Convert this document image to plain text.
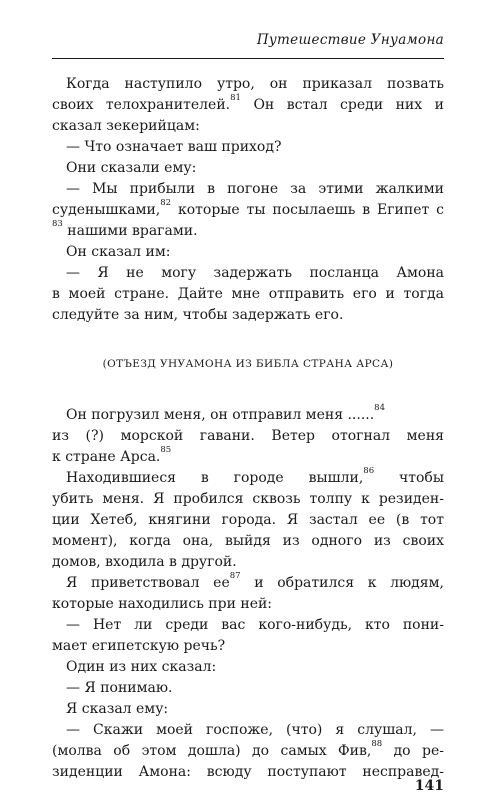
Путешествие Унуамона
Когда наступило утро, он приказал позвать
своих телохранителей.$^{81}$ Он встал среди них и
сказал зекерийцам:
— Что означает ваш приход?
Они сказали ему:
— Мы прибыли в погоне за этими жалкими
суденышками,$^{82}$ которые ты посылаешь в Египет с
$^{83}$ нашими врагами.
Он сказал им:
— Я не могу задержать посланца Амона
в моей стране. Дайте мне отправить его и тогда
следуйте за ним, чтобы задержать его.

(ОТЪЕЗД УНУАМОНА ИЗ БИБЛА СТРАНА АРСА)

Он погрузил меня, он отправил меня ......$^{84}$
из (?) морской гавани. Ветер отогнал меня
к стране Арса.$^{85}$
Находившиеся в городе вышли,$^{86}$ чтобы
убить меня. Я пробился сквозь толпу к резиден-
ции Хетеб, княгини города. Я застал ее (в тот
момент), когда она, выйдя из одного из своих
домов, входила в другой.
Я приветствовал $ее^{87}$ и обратился к людям,
которые находились при ней:
— Нет ли среди вас кого-нибудь, кто пони-
мает египетскую речь?
Один из них сказал:
— Я понимаю.
Я сказал ему:
— Скажи моей госпоже, (что) я слушал, —
(молва об этом дошла) до самых Фив,$^{88}$ до ре-
зиденции Амона: всюду поступают несправед-
141
